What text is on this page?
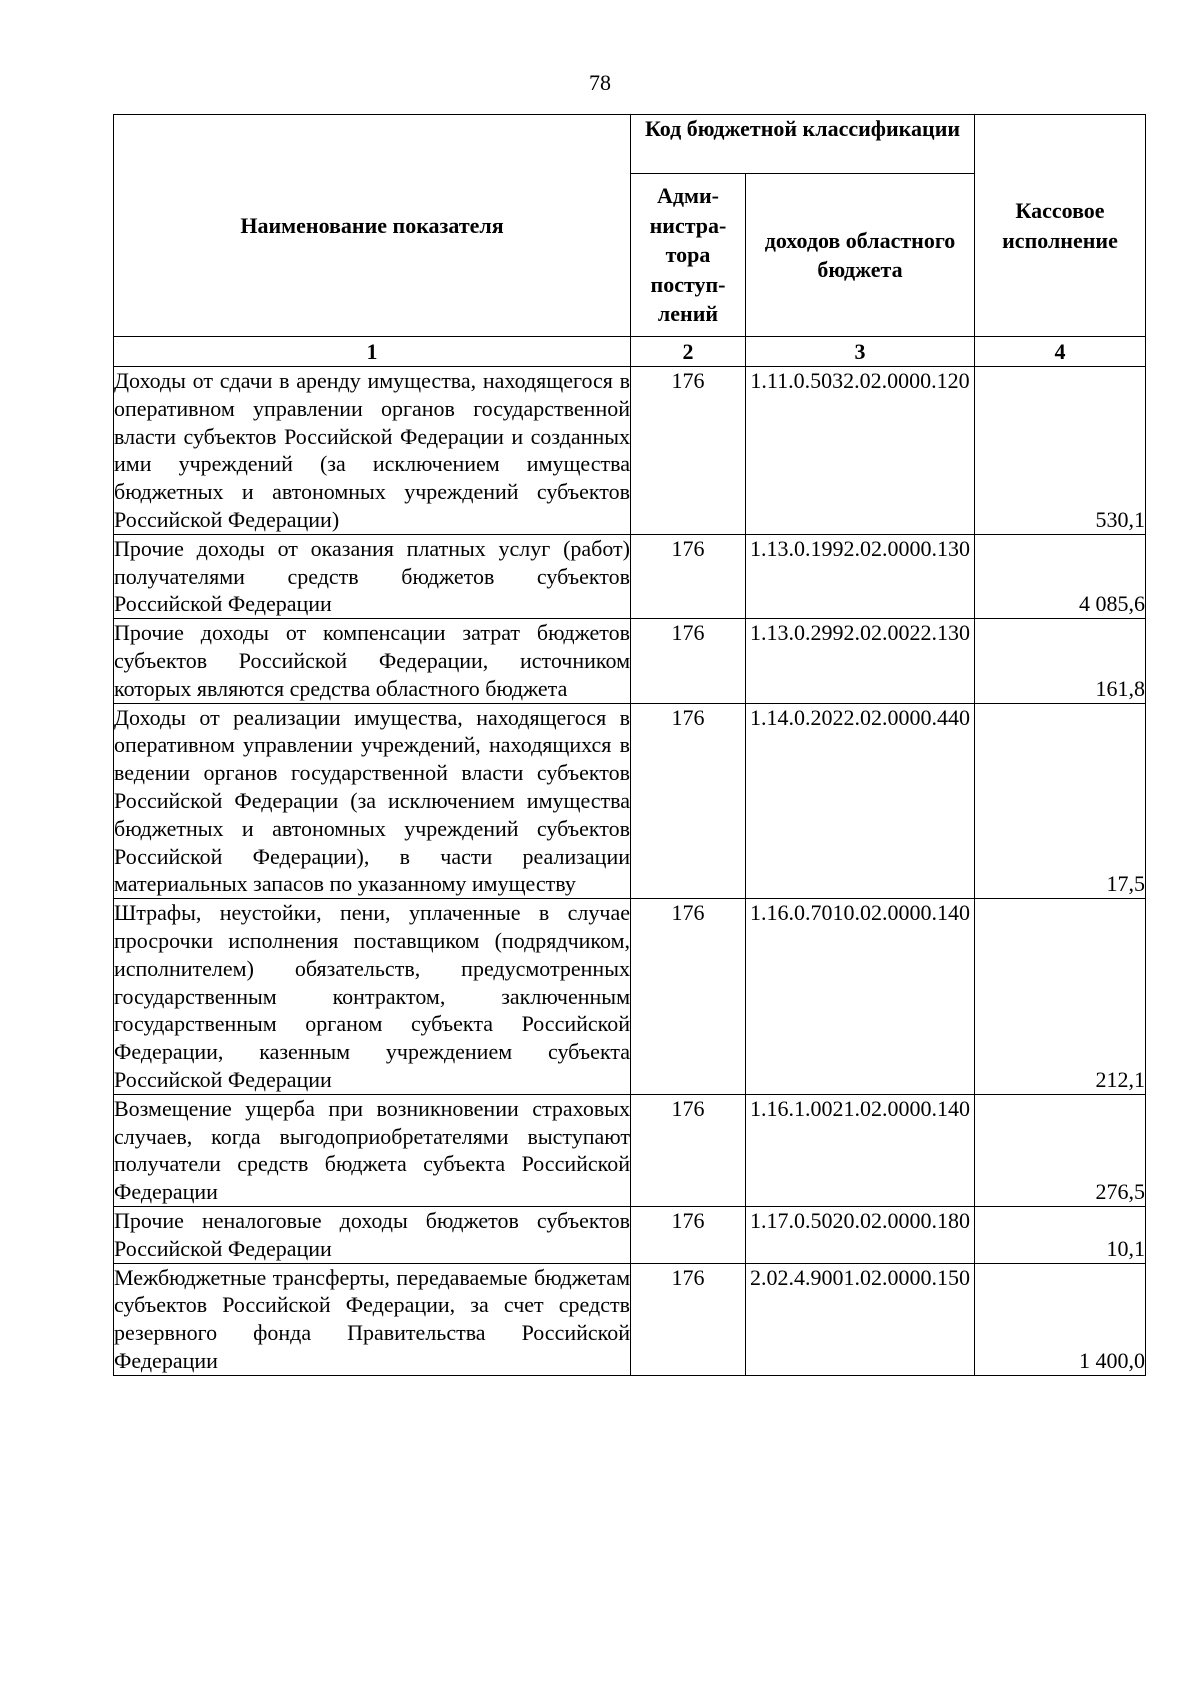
78
Наименование показателя	Код бюджетной классификации		Кассовое исполнение
	Адми-нистра-тора поступ-лений	доходов областного бюджета	
1	2	3	4
Доходы от сдачи в аренду имущества, находящегося в оперативном управлении органов государственной власти субъектов Российской Федерации и созданных ими учреждений (за исключением имущества бюджетных и автономных учреждений субъектов Российской Федерации)	176	1.11.0.5032.02.0000.120	530,1
Прочие доходы от оказания платных услуг (работ) получателями средств бюджетов субъектов Российской Федерации	176	1.13.0.1992.02.0000.130	4 085,6
Прочие доходы от компенсации затрат бюджетов субъектов Российской Федерации, источником которых являются средства областного бюджета	176	1.13.0.2992.02.0022.130	161,8
Доходы от реализации имущества, находящегося в оперативном управлении учреждений, находящихся в ведении органов государственной власти субъектов Российской Федерации (за исключением имущества бюджетных и автономных учреждений субъектов Российской Федерации), в части реализации материальных запасов по указанному имуществу	176	1.14.0.2022.02.0000.440	17,5
Штрафы, неустойки, пени, уплаченные в случае просрочки исполнения поставщиком (подрядчиком, исполнителем) обязательств, предусмотренных государственным контрактом, заключенным государственным органом субъекта Российской Федерации, казенным учреждением субъекта Российской Федерации	176	1.16.0.7010.02.0000.140	212,1
Возмещение ущерба при возникновении страховых случаев, когда выгодоприобретателями выступают получатели средств бюджета субъекта Российской Федерации	176	1.16.1.0021.02.0000.140	276,5
Прочие неналоговые доходы бюджетов субъектов Российской Федерации	176	1.17.0.5020.02.0000.180	10,1
Межбюджетные трансферты, передаваемые бюджетам субъектов Российской Федерации, за счет средств резервного фонда Правительства Российской Федерации	176	2.02.4.9001.02.0000.150	1 400,0
